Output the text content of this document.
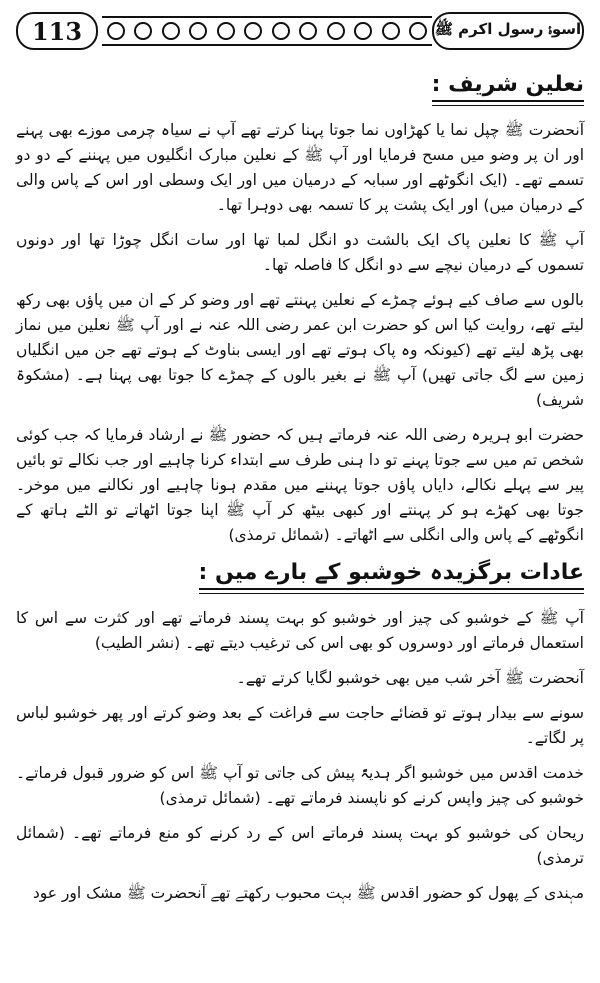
113	اسوۂ رسول اکرم ﷺ
نعلین شریف :

آنحضرت ﷺ چپل نما یا کھڑاوں نما جوتا پہنا کرتے تھے آپ نے سیاہ چرمی موزے بھی پہنے اور ان پر وضو میں مسح فرمایا اور آپ ﷺ کے نعلین مبارک انگلیوں میں پہننے کے دو دو تسمے تھے۔ (ایک انگوٹھے اور سبابہ کے درمیان میں اور ایک وسطی اور اس کے پاس والی کے درمیان میں) اور ایک پشت پر کا تسمہ بھی دوہرا تھا۔

آپ ﷺ کا نعلین پاک ایک بالشت دو انگل لمبا تھا اور سات انگل چوڑا تھا اور دونوں تسموں کے درمیان نیچے سے دو انگل کا فاصلہ تھا۔

بالوں سے صاف کیے ہوئے چمڑے کے نعلین پہنتے تھے اور وضو کر کے ان میں پاؤں بھی رکھ لیتے تھے، روایت کیا اس کو حضرت ابن عمر رضی اللہ عنہ نے اور آپ ﷺ نعلین میں نماز بھی پڑھ لیتے تھے (کیونکہ وہ پاک ہوتے تھے اور ایسی بناوٹ کے ہوتے تھے جن میں انگلیاں زمین سے لگ جاتی تھیں) آپ ﷺ نے بغیر بالوں کے چمڑے کا جوتا بھی پہنا ہے۔ (مشکوۃ شریف)

حضرت ابو ہریرہ رضی اللہ عنہ فرماتے ہیں کہ حضور ﷺ نے ارشاد فرمایا کہ جب کوئی شخص تم میں سے جوتا پہنے تو دا ہنی طرف سے ابتداء کرنا چاہیے اور جب نکالے تو بائیں پیر سے پہلے نکالے، دایاں پاؤں جوتا پہننے میں مقدم ہونا چاہیے اور نکالنے میں موخر۔ جوتا بھی کھڑے ہو کر پہنتے اور کبھی بیٹھ کر آپ ﷺ اپنا جوتا اٹھاتے تو الٹے ہاتھ کے انگوٹھے کے پاس والی انگلی سے اٹھاتے۔ (شمائل ترمذی)

عادات برگزیدہ خوشبو کے بارے میں :

آپ ﷺ کے خوشبو کی چیز اور خوشبو کو بہت پسند فرماتے تھے اور کثرت سے اس کا استعمال فرماتے اور دوسروں کو بھی اس کی ترغیب دیتے تھے۔ (نشر الطیب)

آنحضرت ﷺ آخر شب میں بھی خوشبو لگایا کرتے تھے۔

سونے سے بیدار ہوتے تو قضائے حاجت سے فراغت کے بعد وضو کرتے اور پھر خوشبو لباس پر لگاتے۔

خدمت اقدس میں خوشبو اگر ہدیۃً پیش کی جاتی تو آپ ﷺ اس کو ضرور قبول فرماتے۔ خوشبو کی چیز واپس کرنے کو ناپسند فرماتے تھے۔ (شمائل ترمذی)

ریحان کی خوشبو کو بہت پسند فرماتے اس کے رد کرنے کو منع فرماتے تھے۔ (شمائل ترمذی)

مہندی کے پھول کو حضور اقدس ﷺ بہت محبوب رکھتے تھے آنحضرت ﷺ مشک اور عود
